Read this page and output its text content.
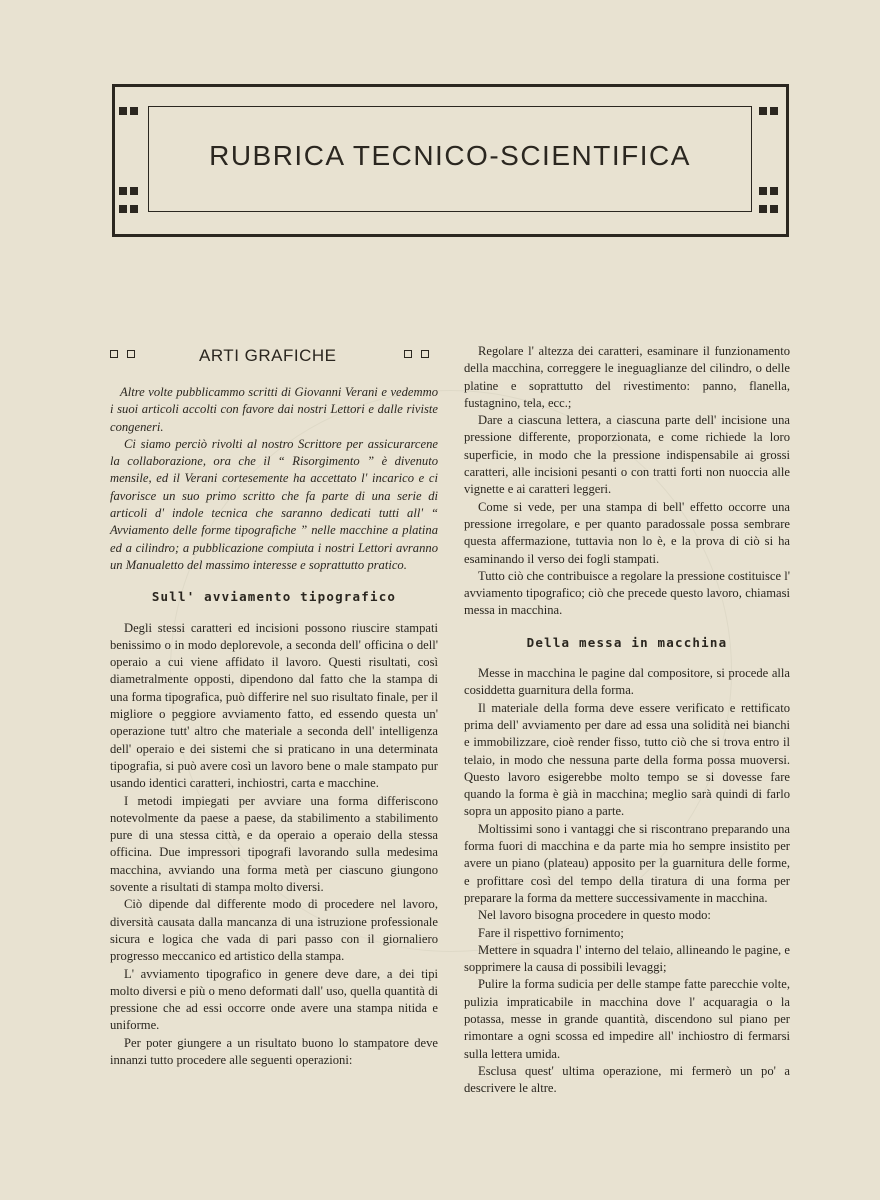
RUBRICA TECNICO-SCIENTIFICA
ARTI GRAFICHE

Altre volte pubblicammo scritti di Giovanni Verani e vedemmo i suoi articoli accolti con favore dai nostri Lettori e dalle riviste congeneri.

Ci siamo perciò rivolti al nostro Scrittore per assicurarcene la collaborazione, ora che il “ Risorgimento ” è divenuto mensile, ed il Verani cortesemente ha accettato l' incarico e ci favorisce un suo primo scritto che fa parte di una serie di articoli d' indole tecnica che saranno dedicati tutti all' “ Avviamento delle forme tipografiche ” nelle macchine a platina ed a cilindro; a pubblicazione compiuta i nostri Lettori avranno un Manualetto del massimo interesse e soprattutto pratico.

Sull' avviamento tipografico

Degli stessi caratteri ed incisioni possono riuscire stampati benissimo o in modo deplorevole, a seconda dell' officina o dell' operaio a cui viene affidato il lavoro. Questi risultati, così diametralmente opposti, dipendono dal fatto che la stampa di una forma tipografica, può differire nel suo risultato finale, per il migliore o peggiore avviamento fatto, ed essendo questa un' operazione tutt' altro che materiale a seconda dell' intelligenza dell' operaio e dei sistemi che si praticano in una determinata tipografia, si può avere così un lavoro bene o male stampato pur usando identici caratteri, inchiostri, carta e macchine.

I metodi impiegati per avviare una forma differiscono notevolmente da paese a paese, da stabilimento a stabilimento pure di una stessa città, e da operaio a operaio della stessa officina. Due impressori tipografi lavorando sulla medesima macchina, avviando una forma metà per ciascuno giungono sovente a risultati di stampa molto diversi.

Ciò dipende dal differente modo di procedere nel lavoro, diversità causata dalla mancanza di una istruzione professionale sicura e logica che vada di pari passo con il giornaliero progresso meccanico ed artistico della stampa.

L' avviamento tipografico in genere deve dare, a dei tipi molto diversi e più o meno deformati dall' uso, quella quantità di pressione che ad essi occorre onde avere una stampa nitida e uniforme.

Per poter giungere a un risultato buono lo stampatore deve innanzi tutto procedere alle seguenti operazioni:

Regolare l' altezza dei caratteri, esaminare il funzionamento della macchina, correggere le ineguaglianze del cilindro, o delle platine e soprattutto del rivestimento: panno, flanella, fustagnino, tela, ecc.;

Dare a ciascuna lettera, a ciascuna parte dell' incisione una pressione differente, proporzionata, e come richiede la loro superficie, in modo che la pressione indispensabile ai grossi caratteri, alle incisioni pesanti o con tratti forti non nuoccia alle vignette e ai caratteri leggeri.

Come si vede, per una stampa di bell' effetto occorre una pressione irregolare, e per quanto paradossale possa sembrare questa affermazione, tuttavia non lo è, e la prova di ciò si ha esaminando il verso dei fogli stampati.

Tutto ciò che contribuisce a regolare la pressione costituisce l' avviamento tipografico; ciò che precede questo lavoro, chiamasi messa in macchina.

Della messa in macchina

Messe in macchina le pagine dal compositore, si procede alla cosiddetta guarnitura della forma.

Il materiale della forma deve essere verificato e rettificato prima dell' avviamento per dare ad essa una solidità nei bianchi e immobilizzare, cioè render fisso, tutto ciò che si trova entro il telaio, in modo che nessuna parte della forma possa muoversi. Questo lavoro esigerebbe molto tempo se si dovesse fare quando la forma è già in macchina; meglio sarà quindi di farlo sopra un apposito piano a parte.

Moltissimi sono i vantaggi che si riscontrano preparando una forma fuori di macchina e da parte mia ho sempre insistito per avere un piano (plateau) apposito per la guarnitura delle forme, e profittare così del tempo della tiratura di una forma per preparare la forma da mettere successivamente in macchina.

Nel lavoro bisogna procedere in questo modo:

Fare il rispettivo fornimento;

Mettere in squadra l' interno del telaio, allineando le pagine, e sopprimere la causa di possibili levaggi;

Pulire la forma sudicia per delle stampe fatte parecchie volte, pulizia impraticabile in macchina dove l' acquaragia o la potassa, messe in grande quantità, discendono sul piano per rimontare a ogni scossa ed impedire all' inchiostro di fermarsi sulla lettera umida.

Esclusa quest' ultima operazione, mi fermerò un po' a descrivere le altre.
